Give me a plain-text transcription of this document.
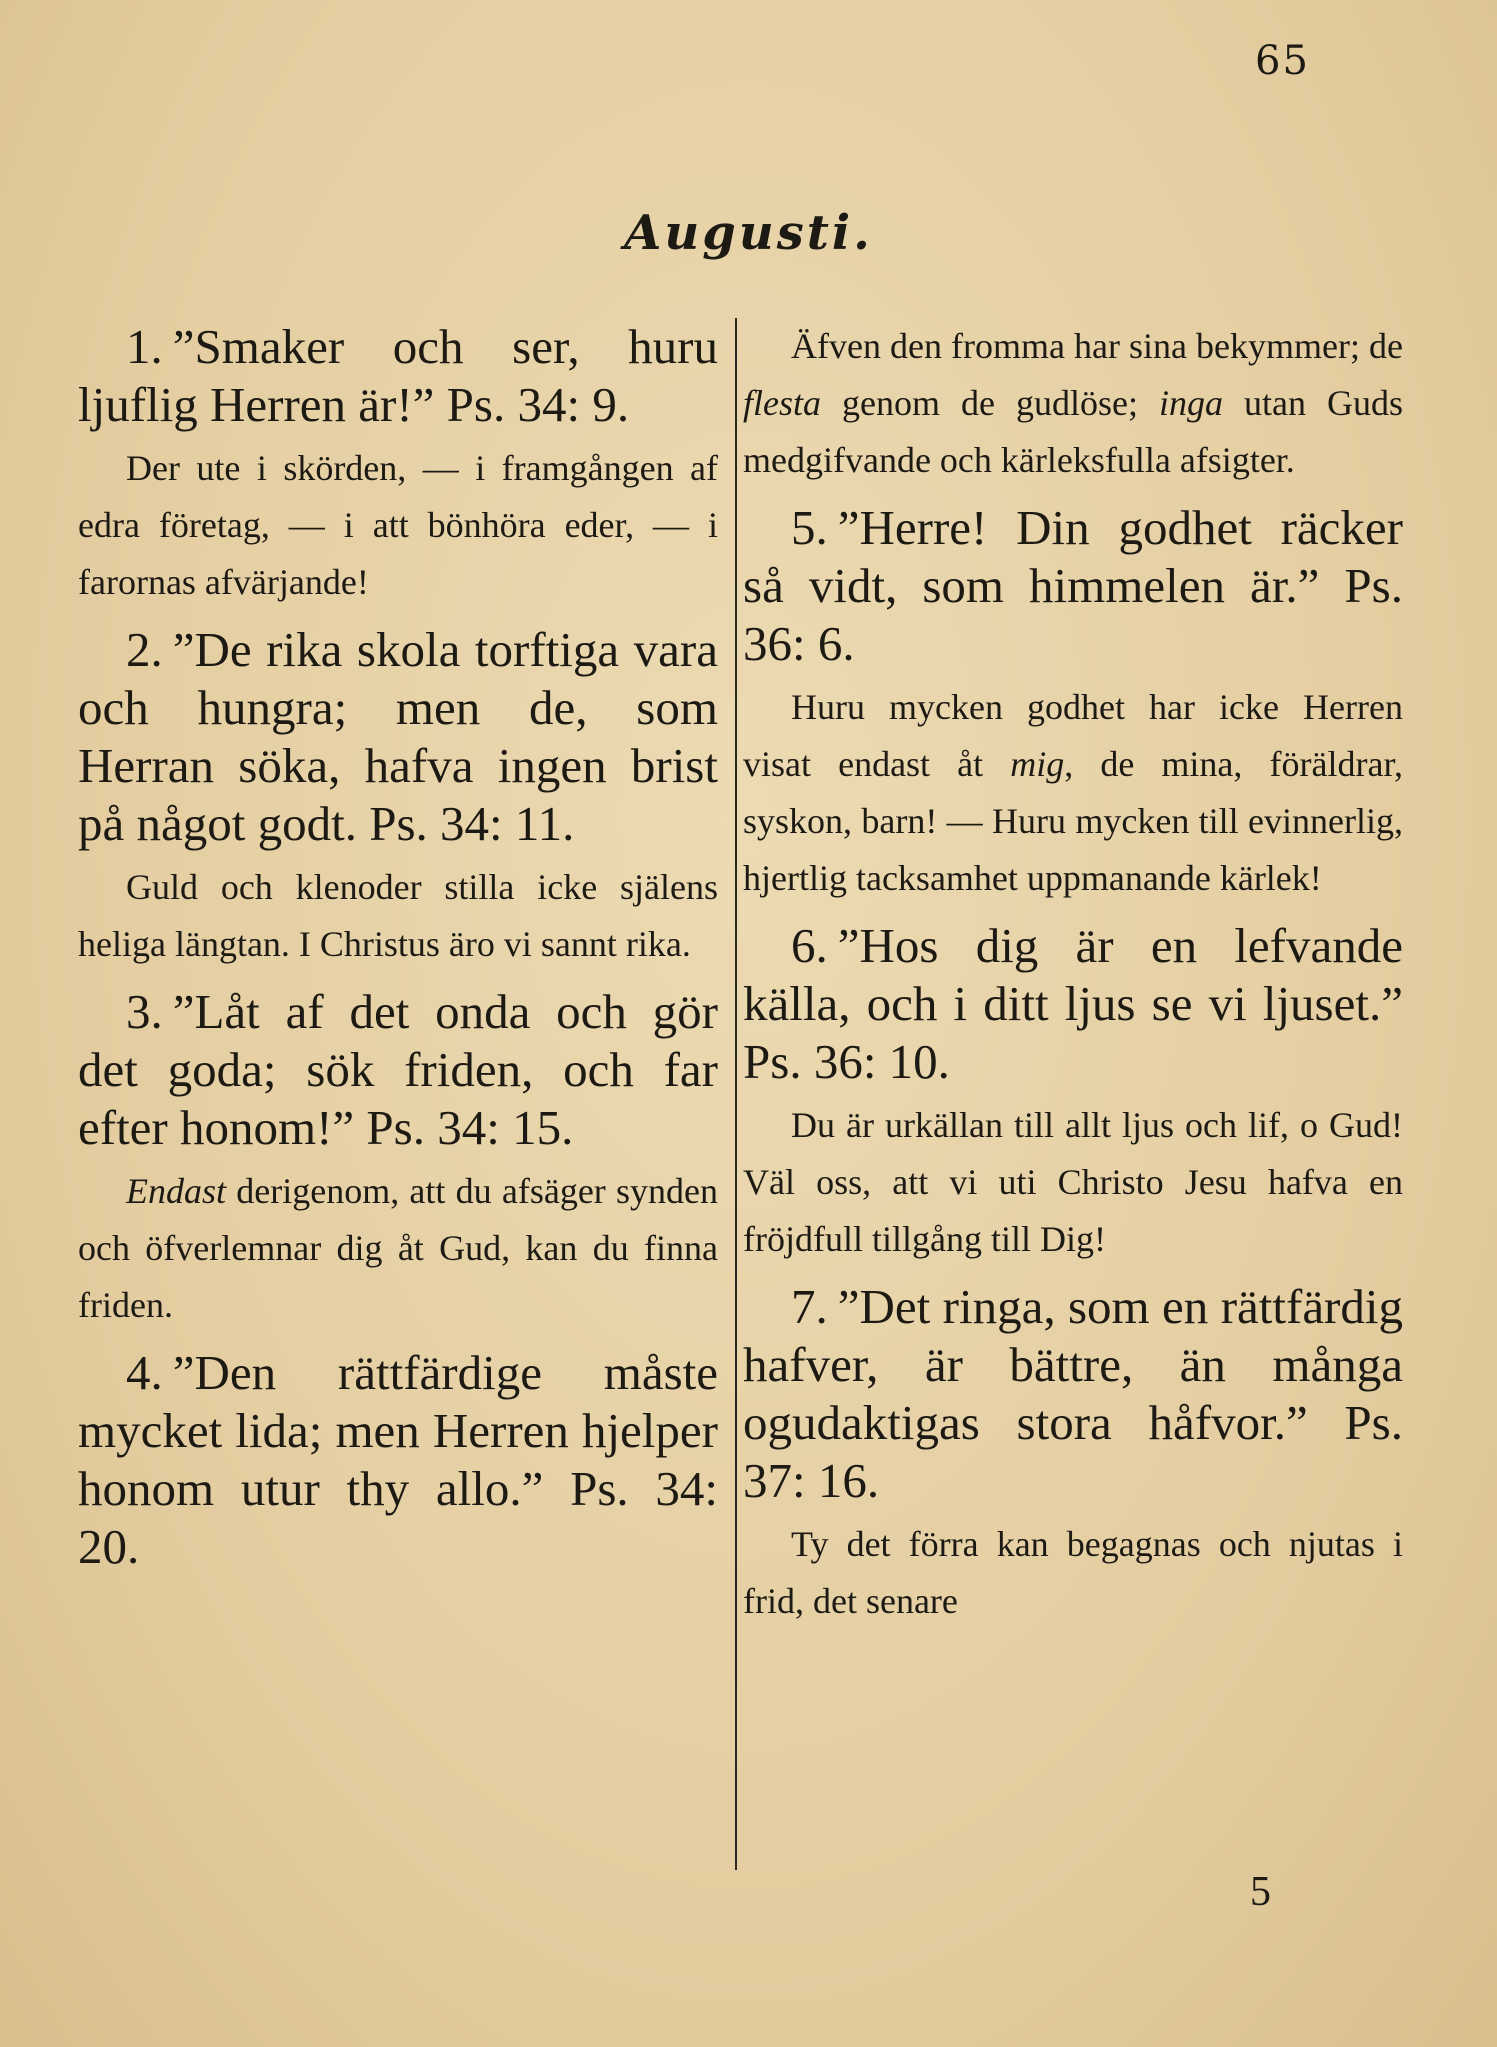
65
Augusti.

1. ”Smaker och ser, huru ljuflig Herren är!” Ps. 34: 9.

Der ute i skörden, — i framgången af edra företag, — i att bönhöra eder, — i farornas afvärjande!

2. ”De rika skola torftiga vara och hungra; men de, som Herran söka, hafva ingen brist på något godt. Ps. 34: 11.

Guld och klenoder stilla icke själens heliga längtan. I Christus äro vi sannt rika.

3. ”Låt af det onda och gör det goda; sök friden, och far efter honom!” Ps. 34: 15.

Endast derigenom, att du afsäger synden och öfverlemnar dig åt Gud, kan du finna friden.

4. ”Den rättfärdige måste mycket lida; men Herren hjelper honom utur thy allo.” Ps. 34: 20.

Äfven den fromma har sina bekymmer; de flesta genom de gudlöse; inga utan Guds medgifvande och kärleksfulla afsigter.

5. ”Herre! Din godhet räcker så vidt, som himmelen är.” Ps. 36: 6.

Huru mycken godhet har icke Herren visat endast åt mig, de mina, föräldrar, syskon, barn! — Huru mycken till evinnerlig, hjertlig tacksamhet uppmanande kärlek!

6. ”Hos dig är en lefvande källa, och i ditt ljus se vi ljuset.” Ps. 36: 10.

Du är urkällan till allt ljus och lif, o Gud! Väl oss, att vi uti Christo Jesu hafva en fröjdfull tillgång till Dig!

7. ”Det ringa, som en rättfärdig hafver, är bättre, än många ogudaktigas stora håfvor.” Ps. 37: 16.

Ty det förra kan begagnas och njutas i frid, det senare

5
